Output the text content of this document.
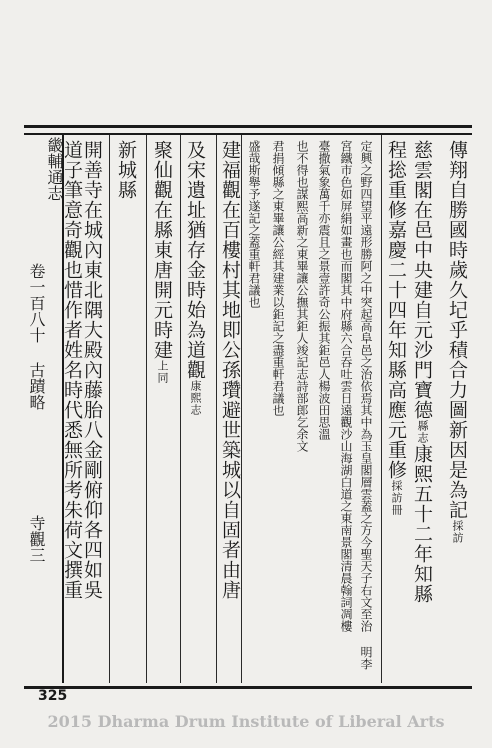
畿輔通志
卷一百八十 古蹟略
寺觀三
傳翔自勝國時歲久圮乎積合力圖新因是為記採訪
慈雲閣在邑中央建自元沙門寶德縣志康熙五十二年知縣
程捴重修嘉慶二十四年知縣高應元重修採訪冊
定興之野四望平遠形勝阿之中突起高阜邑之治依焉其中為玉皇閣層雲蓋之方今聖天子右文至治 明李
宮鐵市色如屏絹如畫也而閣其中府縣六合吞吐雲日遠觀沙山海湖白道之東南景閣清晨翰詞凋樓
臺撒氣象萬千亦震且之景壹許奇公振其鉅邑人楊波田思溫
也不得也謀熙高新之東畢讓公撫其鉅人竣記志詩部郎乞余文
君捐傾縣之東畢讓公經其建業以鉅記之盡重軒君議也
盛哉斯舉予遂記之蓋重軒君議也
建福觀在百樓村其地即公孫瓚避世築城以自固者由唐
及宋遺址猶存金時始為道觀康熙志
聚仙觀在縣東唐開元時建上同
新城縣
開善寺在城內東北隅大殿內藤胎八金剛俯仰各四如吳
道子筆意奇觀也惜作者姓名時代悉無所考朱荷文撰重
325
2015 Dharma Drum Institute of Liberal Arts
